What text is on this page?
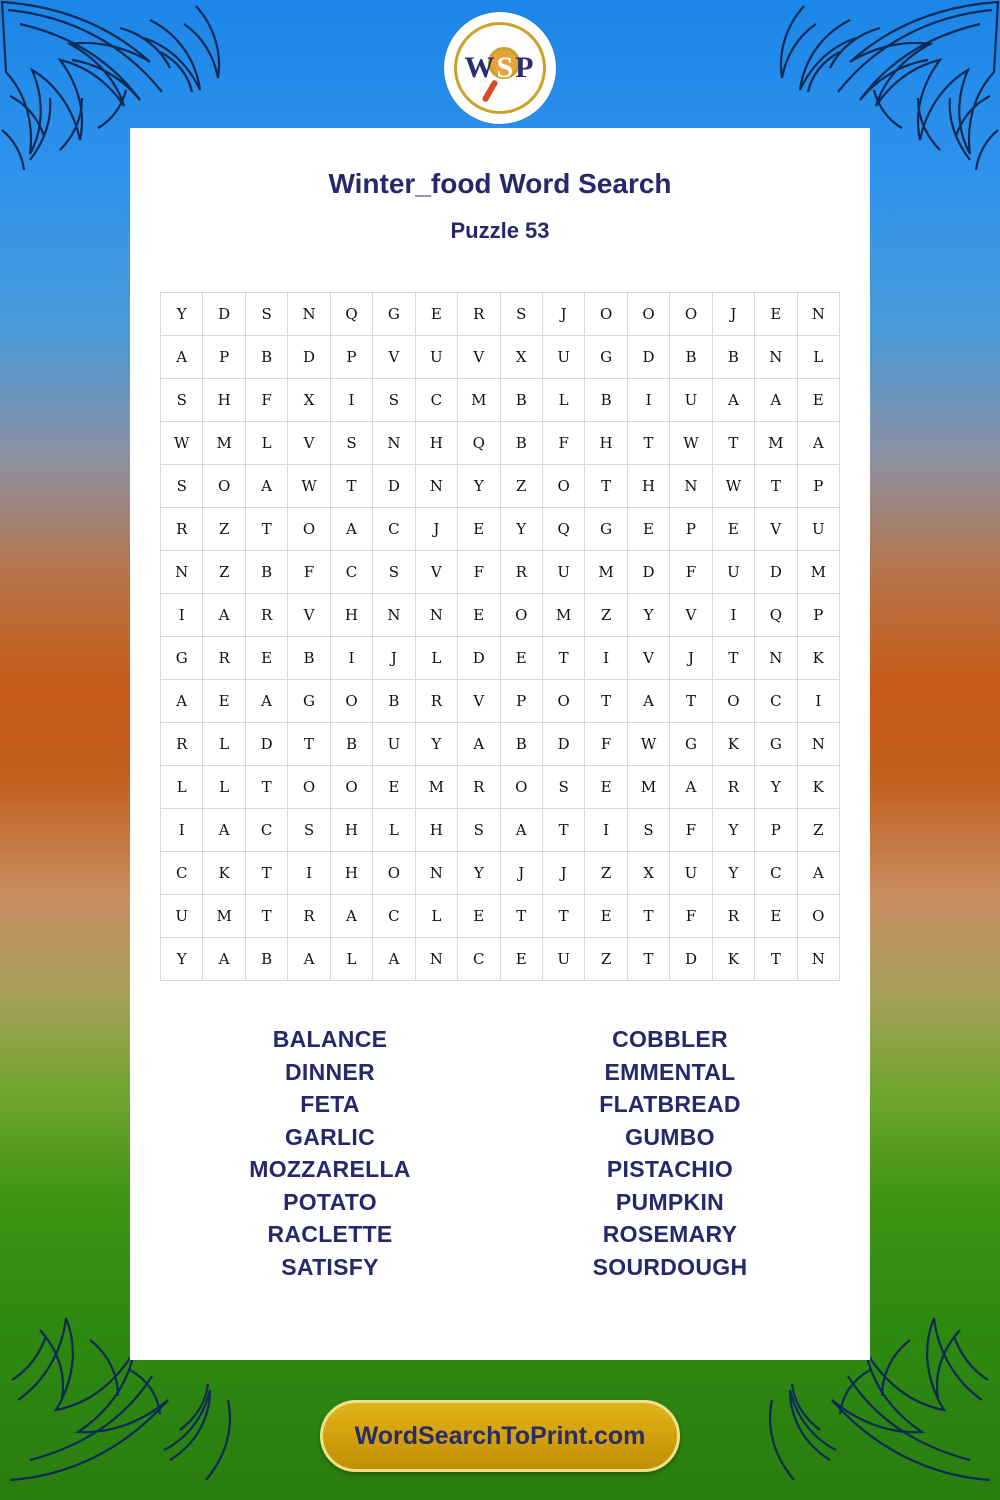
WSP
Winter_food Word Search
Puzzle 53
Y	D	S	N	Q	G	E	R	S	J	O	O	O	J	E	N
A	P	B	D	P	V	U	V	X	U	G	D	B	B	N	L
S	H	F	X	I	S	C	M	B	L	B	I	U	A	A	E
W	M	L	V	S	N	H	Q	B	F	H	T	W	T	M	A
S	O	A	W	T	D	N	Y	Z	O	T	H	N	W	T	P
R	Z	T	O	A	C	J	E	Y	Q	G	E	P	E	V	U
N	Z	B	F	C	S	V	F	R	U	M	D	F	U	D	M
I	A	R	V	H	N	N	E	O	M	Z	Y	V	I	Q	P
G	R	E	B	I	J	L	D	E	T	I	V	J	T	N	K
A	E	A	G	O	B	R	V	P	O	T	A	T	O	C	I
R	L	D	T	B	U	Y	A	B	D	F	W	G	K	G	N
L	L	T	O	O	E	M	R	O	S	E	M	A	R	Y	K
I	A	C	S	H	L	H	S	A	T	I	S	F	Y	P	Z
C	K	T	I	H	O	N	Y	J	J	Z	X	U	Y	C	A
U	M	T	R	A	C	L	E	T	T	E	T	F	R	E	O
Y	A	B	A	L	A	N	C	E	U	Z	T	D	K	T	N
BALANCE
DINNER
FETA
GARLIC
MOZZARELLA
POTATO
RACLETTE
SATISFY
COBBLER
EMMENTAL
FLATBREAD
GUMBO
PISTACHIO
PUMPKIN
ROSEMARY
SOURDOUGH
WordSearchToPrint.com
